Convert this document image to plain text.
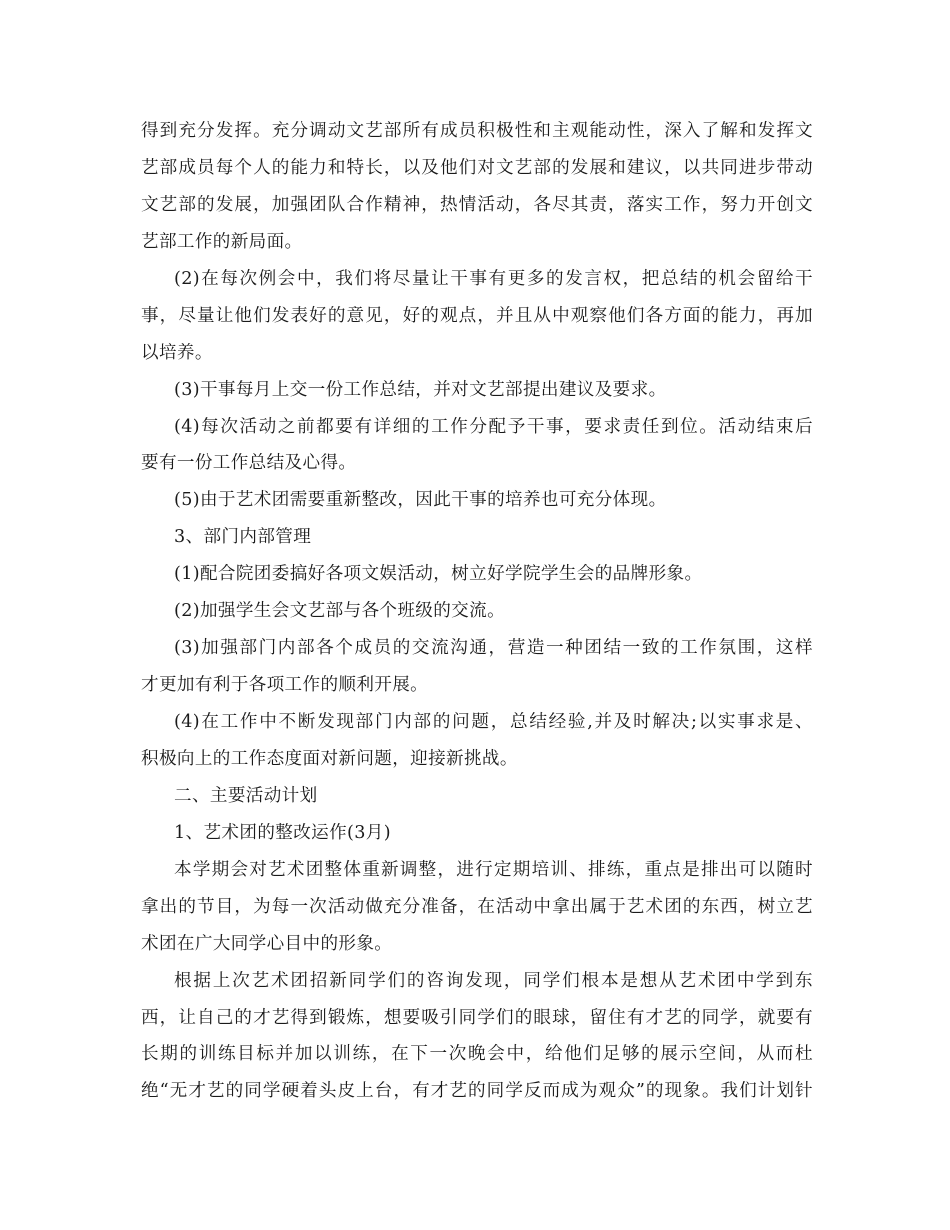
得到充分发挥。充分调动文艺部所有成员积极性和主观能动性，深入了解和发挥文
艺部成员每个人的能力和特长，以及他们对文艺部的发展和建议，以共同进步带动
文艺部的发展，加强团队合作精神，热情活动，各尽其责，落实工作，努力开创文
艺部工作的新局面。
(2)在每次例会中，我们将尽量让干事有更多的发言权，把总结的机会留给干
事，尽量让他们发表好的意见，好的观点，并且从中观察他们各方面的能力，再加
以培养。
(3)干事每月上交一份工作总结，并对文艺部提出建议及要求。
(4)每次活动之前都要有详细的工作分配予干事，要求责任到位。活动结束后
要有一份工作总结及心得。
(5)由于艺术团需要重新整改，因此干事的培养也可充分体现。
3、部门内部管理
(1)配合院团委搞好各项文娱活动，树立好学院学生会的品牌形象。
(2)加强学生会文艺部与各个班级的交流。
(3)加强部门内部各个成员的交流沟通，营造一种团结一致的工作氛围，这样
才更加有利于各项工作的顺利开展。
(4)在工作中不断发现部门内部的问题，总结经验,并及时解决;以实事求是、
积极向上的工作态度面对新问题，迎接新挑战。
二、主要活动计划
1、艺术团的整改运作(3月)
本学期会对艺术团整体重新调整，进行定期培训、排练，重点是排出可以随时
拿出的节目，为每一次活动做充分准备，在活动中拿出属于艺术团的东西，树立艺
术团在广大同学心目中的形象。
根据上次艺术团招新同学们的咨询发现，同学们根本是想从艺术团中学到东
西，让自己的才艺得到锻炼，想要吸引同学们的眼球，留住有才艺的同学，就要有
长期的训练目标并加以训练，在下一次晚会中，给他们足够的展示空间，从而杜
绝“无才艺的同学硬着头皮上台，有才艺的同学反而成为观众”的现象。我们计划针
